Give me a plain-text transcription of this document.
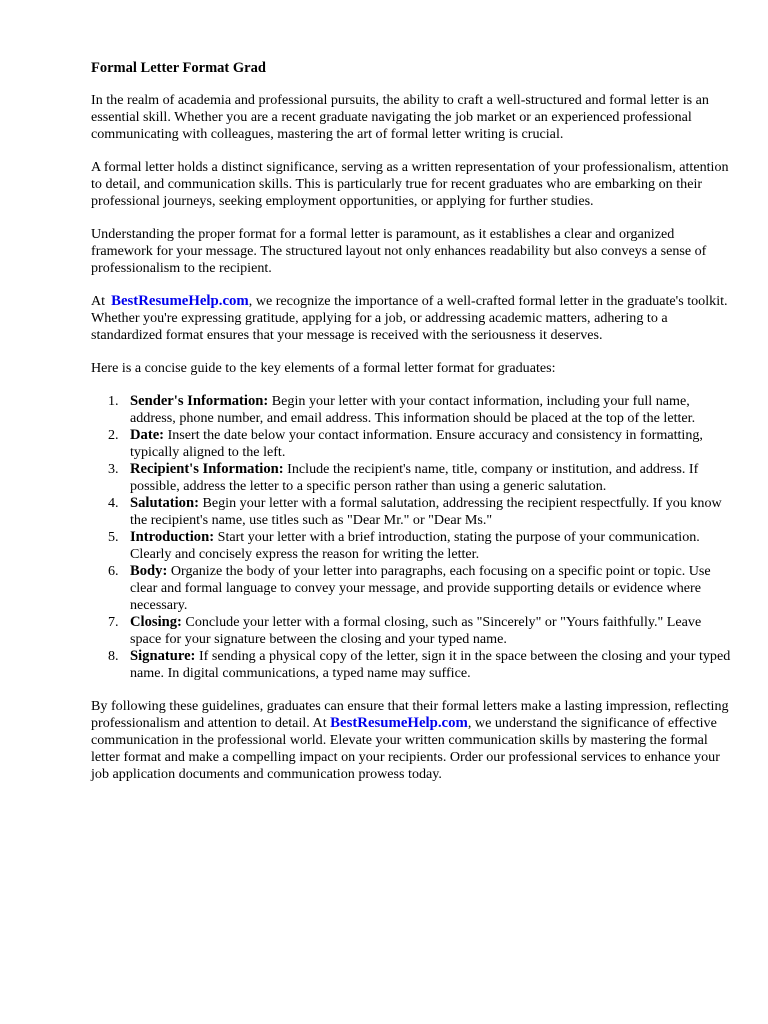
Formal Letter Format Grad

In the realm of academia and professional pursuits, the ability to craft a well-structured and formal letter is an essential skill. Whether you are a recent graduate navigating the job market or an experienced professional communicating with colleagues, mastering the art of formal letter writing is crucial.

A formal letter holds a distinct significance, serving as a written representation of your professionalism, attention to detail, and communication skills. This is particularly true for recent graduates who are embarking on their professional journeys, seeking employment opportunities, or applying for further studies.

Understanding the proper format for a formal letter is paramount, as it establishes a clear and organized framework for your message. The structured layout not only enhances readability but also conveys a sense of professionalism to the recipient.

At BestResumeHelp.com, we recognize the importance of a well-crafted formal letter in the graduate's toolkit. Whether you're expressing gratitude, applying for a job, or addressing academic matters, adhering to a standardized format ensures that your message is received with the seriousness it deserves.

Here is a concise guide to the key elements of a formal letter format for graduates:

Sender's Information: Begin your letter with your contact information, including your full name, address, phone number, and email address. This information should be placed at the top of the letter.
Date: Insert the date below your contact information. Ensure accuracy and consistency in formatting, typically aligned to the left.
Recipient's Information: Include the recipient's name, title, company or institution, and address. If possible, address the letter to a specific person rather than using a generic salutation.
Salutation: Begin your letter with a formal salutation, addressing the recipient respectfully. If you know the recipient's name, use titles such as "Dear Mr." or "Dear Ms."
Introduction: Start your letter with a brief introduction, stating the purpose of your communication. Clearly and concisely express the reason for writing the letter.
Body: Organize the body of your letter into paragraphs, each focusing on a specific point or topic. Use clear and formal language to convey your message, and provide supporting details or evidence where necessary.
Closing: Conclude your letter with a formal closing, such as "Sincerely" or "Yours faithfully." Leave space for your signature between the closing and your typed name.
Signature: If sending a physical copy of the letter, sign it in the space between the closing and your typed name. In digital communications, a typed name may suffice.

By following these guidelines, graduates can ensure that their formal letters make a lasting impression, reflecting professionalism and attention to detail. At BestResumeHelp.com, we understand the significance of effective communication in the professional world. Elevate your written communication skills by mastering the formal letter format and make a compelling impact on your recipients. Order our professional services to enhance your job application documents and communication prowess today.
